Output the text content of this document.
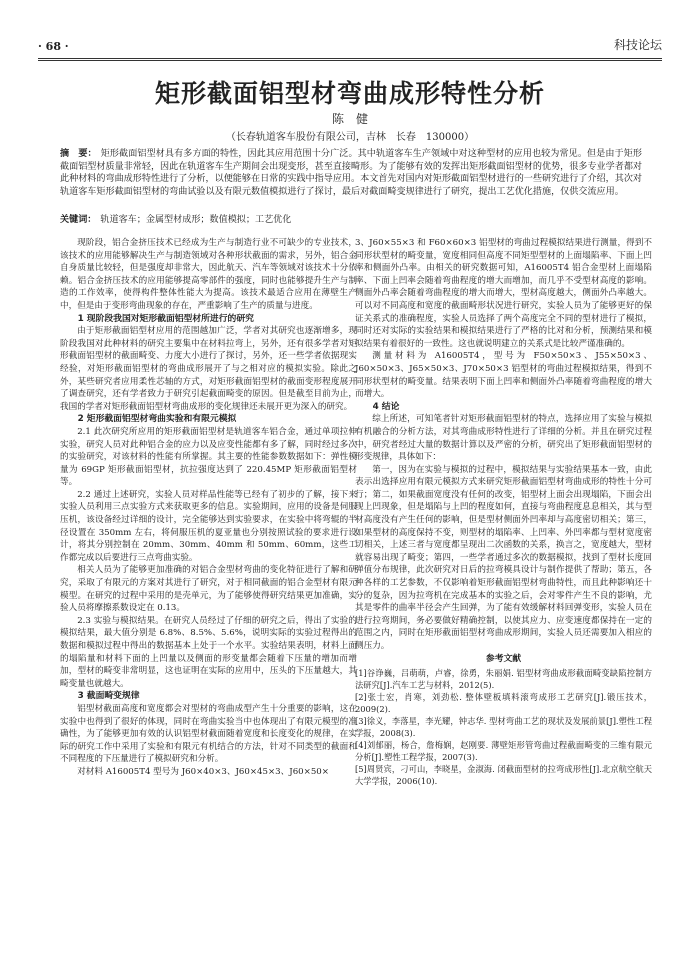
· 68 ·	科技论坛
矩形截面铝型材弯曲成形特性分析
陈　健
（长春轨道客车股份有限公司，吉林　长春　130000）
摘　要： 矩形截面铝型材具有多方面的特性，因此其应用范围十分广泛。其中轨道客车生产领域中对这种型材的应用也较为常见。但是由于矩形截面铝型材质量非常轻，因此在轨道客车生产期间会出现变形，甚至直接畸形。为了能够有效的发挥出矩形截面铝型材的优势，很多专业学者都对此种材料的弯曲成形特性进行了分析，以便能够在日常的实践中指导应用。本文首先对国内对矩形截面铝型材进行的一些研究进行了介绍，其次对轨道客车矩形截面铝型材的弯曲试验以及有限元数值模拟进行了探讨，最后对截面畸变规律进行了研究，提出工艺优化措施，仅供交流应用。
关键词： 轨道客车；金属型材成形；数值模拟；工艺优化

现阶段，铝合金挤压技术已经成为生产与制造行业不可缺少的专业技术，该技术的应用能够解决生产与制造领域对各种形状截面的需求，另外，铝合金自身质量比较轻，但是强度却非常大，因此航天、汽车等领域对该技术十分依赖。铝合金挤压技术的应用能够提高零部件的强度，同时也能够提升生产与制造的工作效率，使得构件整体性能大为提高。该技术最适合应用在薄壁生产中，但是由于变形弯曲现象的存在，严重影响了生产的质量与进度。

1 现阶段我国对矩形截面铝型材所进行的研究

由于矩形截面铝型材应用的范围越加广泛，学者对其研究也逐渐增多，现阶段我国对此种材料的研究主要集中在材料拉弯上，另外，还有很多学者对矩形截面铝型材的截面畸变、力度大小进行了探讨，另外，还一些学者依据现实经验，对矩形截面铝型材的弯曲成形展开了与之相对应的模拟实验。除此之外，某些研究者应用柔性芯轴的方式，对矩形截面铝型材的截面变形程度展开了调查研究，还有学者致力于研究引起截面畸变的原因。但是截至目前为止，我国的学者对矩形截面铝型材弯曲成形的变化规律还未展开更为深入的研究。

2 矩形截面铝型材弯曲实验和有限元模拟

2.1 此次研究所应用的矩形截面铝型材是轨道客车铝合金，通过单项拉伸实验，研究人员对此种铝合金的应力以及应变性能都有多了解，同时经过多次的实验研究，对该材料的性能有所掌握。其主要的性能参数数据如下：弹性模量为 69GP 矩形截面铝型材，抗拉强度达到了 220.45MP 矩形截面铝型材等。

2.2 通过上述研究，实验人员对样品性能等已经有了初步的了解，接下来实验人员利用三点实验方式来获取更多的信息。实验期间，应用的设备是伺服压机，该设备经过详细的设计，完全能够达到实验要求，在实验中将弯辊的半径设置在 350mm 左右，将伺服压机的夏亚量也分别按照试验的要求进行设计，将其分别控制在 20mm、30mm、40mm 和 50mm、60mm，这些工作都完成以后要进行三点弯曲实验。

相关人员为了能够更加准确的对铝合金型材弯曲的变化特征进行了解和研究，采取了有限元的方案对其进行了研究，对于相同截面的铝合金型材有限元模型。在研究的过程中采用的是壳单元，为了能够使得研究结果更加准确，实验人员将摩擦系数设定在 0.13。

2.3 实验与模拟结果。在研究人员经过了仔细的研究之后，得出了实验的模拟结果，最大值分别是 6.8%、8.5%、5.6%，说明实际的实验过程得出的数据和模拟过程中得出的数据基本上处于一个水平。实验结果表明，材料上面的塌陷量和材料下面的上凹量以及侧面的形变量都会随着下压量的增加而增加，型材的畸变非常明显，这也证明在实际的应用中，压头的下压量越大，其畸变量也就越大。

3 截面畸变规律

铝型材截面高度和宽度都会对型材的弯曲成型产生十分重要的影响，这在实验中也得到了很好的体现，同时在弯曲实验当中也体现出了有限元模型的准确性，为了能够更加有效的认识铝型材截面随着宽度和长度变化的规律，在实际的研究工作中采用了实验和有限元有机结合的方法，针对不同类型的截面和不同程度的下压量进行了模拟研究和分析。

对材料 A16005T4 型号为 J60×40×3、J60×45×3、J60×50×

3、J60×55×3 和 F60×60×3 铝型材的弯曲过程模拟结果进行测量，得到不同形状型材的畸变量，宽度相同但高度不同矩型型材的上面塌陷率、下面上凹率和侧面外凸率。由相关的研究数据可知，A16005T4 铝合金型材上面塌陷率、下面上凹率会随着弯曲程度的增大而增加，而几乎不受型材高度的影响。侧面外凸率会随着弯曲程度的增大而增大，型材高度越大，侧面外凸率越大。可以对不同高度和宽度的截面畸形状况进行研究，实验人员为了能够更好的保证关系式的准确程度，实验人员选择了两个高度完全不同的型材进行了模拟，同时还对实际的实验结果和模拟结果进行了严格的比对和分析，预测结果和模拟结果有着很好的一致性。这也就说明建立的关系式是比较严谨准确的。

测量材料为 A16005T4，型号为 F50×50×3、J55×50×3、J60×50×3、J65×50×3、J70×50×3 铝型材的弯曲过程模拟结果，得到不同形状型材的畸变量。结果表明下面上凹率和侧面外凸率随着弯曲程度的增大而增大。

4 结论

综上所述，可知笔者针对矩形截面铝型材的特点，选择应用了实验与模拟有机融合的分析方法，对其弯曲成形特性进行了详细的分析。并且在研究过程中，研究者经过大量的数据计算以及严密的分析，研究出了矩形截面铝型材的形变规律，具体如下：

第一，因为在实验与模拟的过程中，模拟结果与实验结果基本一致，由此表示出选择应用有限元模拟方式来研究矩形截面铝型材弯曲成形的特性十分可行；第二，如果截面宽度没有任何的改变，铝型材上面会出现塌陷，下面会出现上凹现象，但是塌陷与上凹的程度如何，直接与弯曲程度息息相关，其与型材高度没有产生任何的影响，但是型材侧面外凹率却与高度密切相关；第三，如果型材的高度保持不变，则型材的塌陷率、上凹率、外凹率都与型材宽度密切相关，上述三者与宽度都呈现出二次函数的关系，换言之，宽度越大，型材就容易出现了畸变；第四，一些学者通过多次的数据模拟，找到了型材长度回弹值分布规律，此次研究对日后的拉弯模具设计与制作提供了帮助；第五，各种各样的工艺参数，不仅影响着矩形截面铝型材弯曲特性，而且此种影响还十分的复杂，因为拉弯机在完成基本的实验之后，会对零件产生不良的影响，尤其是零件的曲率半径会产生回弹，为了能有效缓解材料回弹变形，实验人员在进行拉弯期间，务必要做好精确控制，以使其应力、应变速度都保持在一定的范围之内，同时在矩形截面铝型材弯曲成形期间，实验人员还需要加入相应的侧压力。

参考文献
[1]谷诤巍，吕萌萌，卢睿，徐勇，朱丽娟. 铝型材弯曲成形截面畸变缺陷控制方法研究[J].汽车工艺与材料，2012(5).
[2]张士宏，肖寒，刘劲松. 整体壁板填料滚弯成形工艺研究[J].锻压技术，2009(2).
[3]徐义，李落星，李光耀，钟志华. 型材弯曲工艺的现状及发展前景[J].塑性工程学报，2008(3).
[4]刘郁丽，杨合，詹梅娴，赵刚要. 薄壁矩形管弯曲过程截面畸变的三维有限元分析[J].塑性工程学报，2007(3).
[5]周贤宾，刁可山，李晓星，金淑海. 闭截面型材的拉弯成形性[J].北京航空航天大学学报，2006(10).
